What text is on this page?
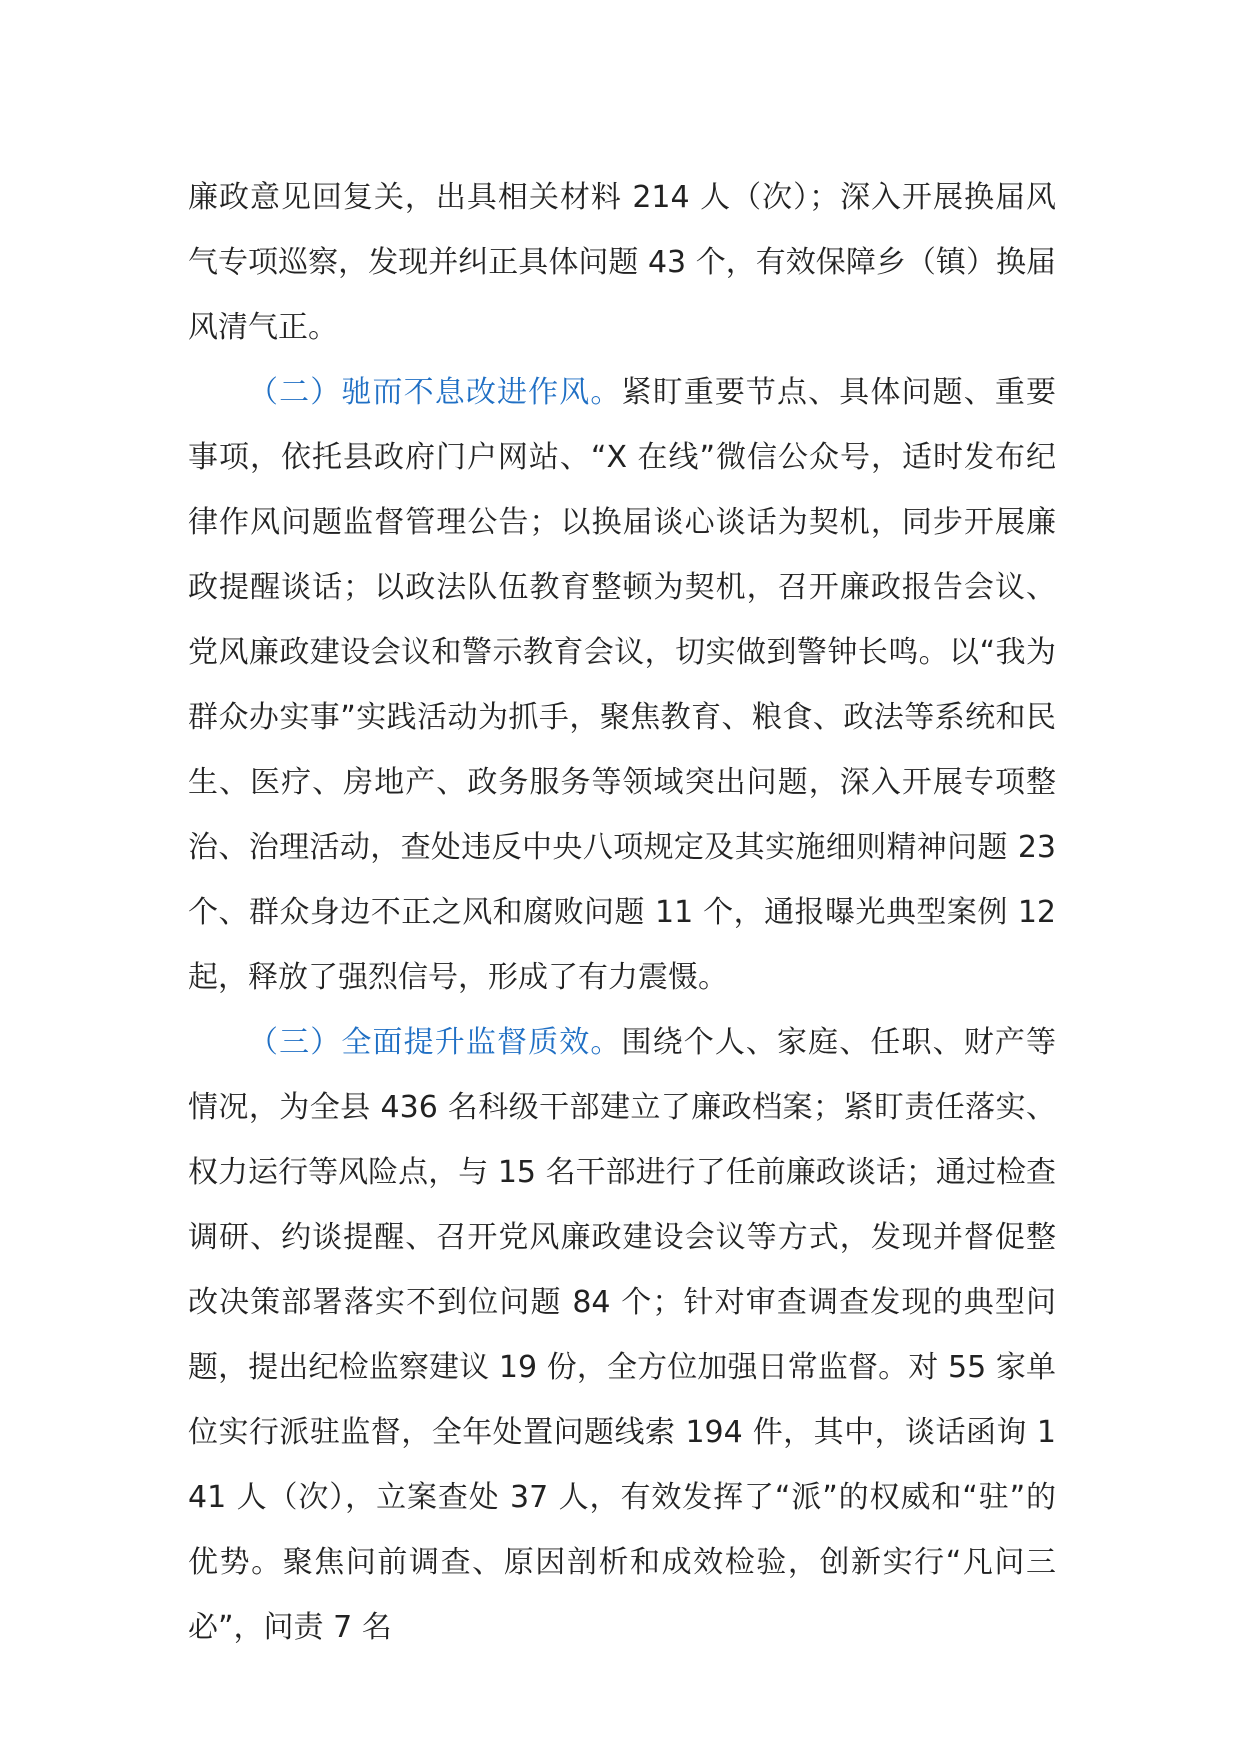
廉政意见回复关，出具相关材料 214 人（次）；深入开展换届风气专项巡察，发现并纠正具体问题 43 个，有效保障乡（镇）换届风清气正。

（二）驰而不息改进作风。紧盯重要节点、具体问题、重要事项，依托县政府门户网站、“X 在线”微信公众号，适时发布纪律作风问题监督管理公告；以换届谈心谈话为契机，同步开展廉政提醒谈话；以政法队伍教育整顿为契机，召开廉政报告会议、党风廉政建设会议和警示教育会议，切实做到警钟长鸣。以“我为群众办实事”实践活动为抓手，聚焦教育、粮食、政法等系统和民生、医疗、房地产、政务服务等领域突出问题，深入开展专项整治、治理活动，查处违反中央八项规定及其实施细则精神问题 23 个、群众身边不正之风和腐败问题 11 个，通报曝光典型案例 12 起，释放了强烈信号，形成了有力震慑。

（三）全面提升监督质效。围绕个人、家庭、任职、财产等情况，为全县 436 名科级干部建立了廉政档案；紧盯责任落实、权力运行等风险点，与 15 名干部进行了任前廉政谈话；通过检查调研、约谈提醒、召开党风廉政建设会议等方式，发现并督促整改决策部署落实不到位问题 84 个；针对审查调查发现的典型问题，提出纪检监察建议 19 份，全方位加强日常监督。对 55 家单位实行派驻监督，全年处置问题线索 194 件，其中，谈话函询 141 人（次），立案查处 37 人，有效发挥了“派”的权威和“驻”的优势。聚焦问前调查、原因剖析和成效检验，创新实行“凡问三必”，问责 7 名
